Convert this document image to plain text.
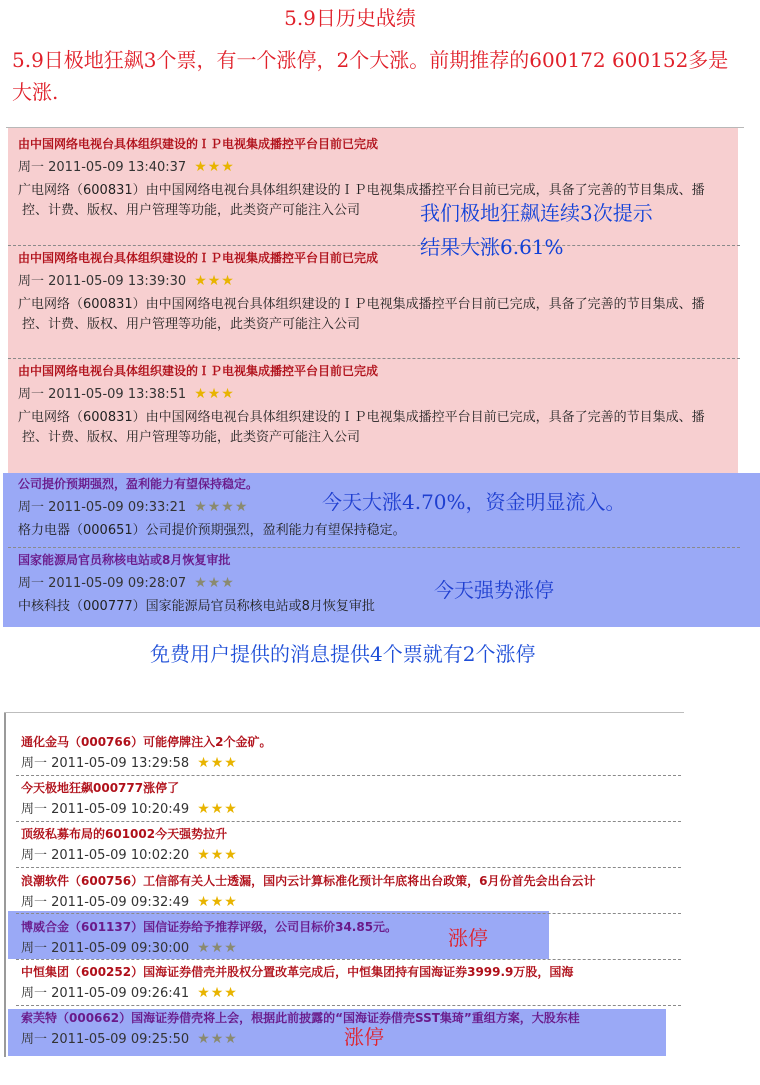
5.9日历史战绩
5.9日极地狂飙3个票，有一个涨停，2个大涨。前期推荐的600172 600152多是大涨.
由中国网络电视台具体组织建设的ＩＰ电视集成播控平台目前已完成
周一 2011-05-09 13:40:37 ★★★
广电网络（600831）由中国网络电视台具体组织建设的ＩＰ电视集成播控平台目前已完成，具备了完善的节目集成、播
控、计费、版权、用户管理等功能，此类资产可能注入公司
由中国网络电视台具体组织建设的ＩＰ电视集成播控平台目前已完成
周一 2011-05-09 13:39:30 ★★★
广电网络（600831）由中国网络电视台具体组织建设的ＩＰ电视集成播控平台目前已完成，具备了完善的节目集成、播
控、计费、版权、用户管理等功能，此类资产可能注入公司
由中国网络电视台具体组织建设的ＩＰ电视集成播控平台目前已完成
周一 2011-05-09 13:38:51 ★★★
广电网络（600831）由中国网络电视台具体组织建设的ＩＰ电视集成播控平台目前已完成，具备了完善的节目集成、播
控、计费、版权、用户管理等功能，此类资产可能注入公司
公司提价预期强烈，盈利能力有望保持稳定。
周一 2011-05-09 09:33:21 ★★★★
格力电器（000651）公司提价预期强烈，盈利能力有望保持稳定。
国家能源局官员称核电站或8月恢复审批
周一 2011-05-09 09:28:07 ★★★
中核科技（000777）国家能源局官员称核电站或8月恢复审批
我们极地狂飙连续3次提示
结果大涨6.61%
今天大涨4.70%，资金明显流入。
今天强势涨停
免费用户提供的消息提供4个票就有2个涨停
通化金马（000766）可能停牌注入2个金矿。
周一 2011-05-09 13:29:58 ★★★
今天极地狂飙000777涨停了
周一 2011-05-09 10:20:49 ★★★
顶级私募布局的601002今天强势拉升
周一 2011-05-09 10:02:20 ★★★
浪潮软件（600756）工信部有关人士透漏，国内云计算标准化预计年底将出台政策，6月份首先会出台云计
周一 2011-05-09 09:32:49 ★★★
博威合金（601137）国信证券给予推荐评级，公司目标价34.85元。
周一 2011-05-09 09:30:00 ★★★
中恒集团（600252）国海证券借壳并股权分置改革完成后，中恒集团持有国海证券3999.9万股，国海
周一 2011-05-09 09:26:41 ★★★
索芙特（000662）国海证券借壳将上会，根据此前披露的“国海证券借壳SST集琦”重组方案，大股东桂
周一 2011-05-09 09:25:50 ★★★
涨停
涨停
